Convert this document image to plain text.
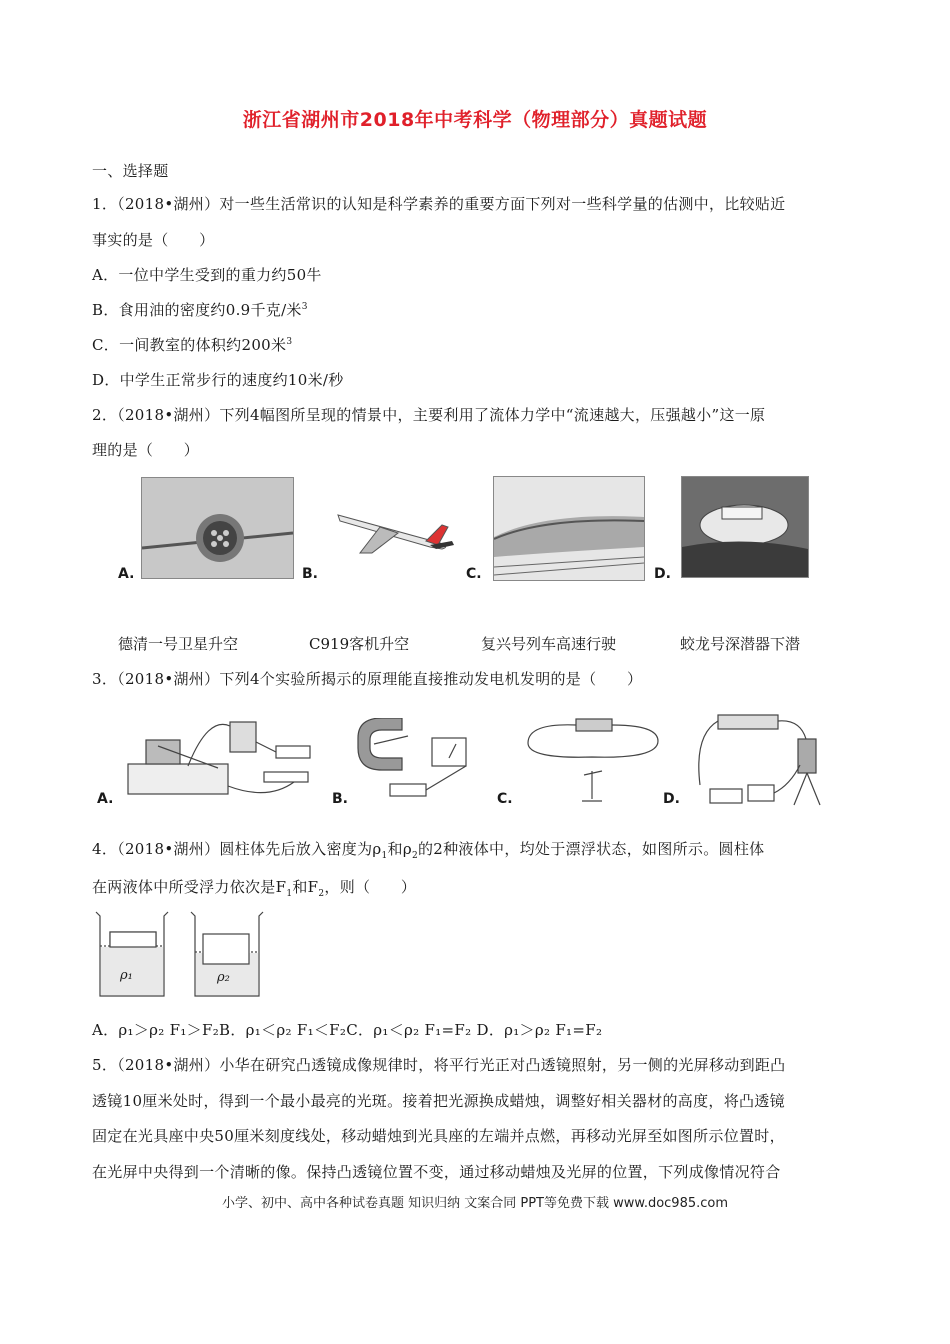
浙江省湖州市2018年中考科学（物理部分）真题试题
一、选择题
1．（2018•湖州）对一些生活常识的认知是科学素养的重要方面下列对一些科学量的估测中，比较贴近
事实的是（　　）
A．一位中学生受到的重力约50牛
B．食用油的密度约0.9千克/米$^3$
C．一间教室的体积约200米$^3$
D．中学生正常步行的速度约10米/秒
2．（2018•湖州）下列4幅图所呈现的情景中，主要利用了流体力学中“流速越大，压强越小”这一原
理的是（　　）
A.	B.	C.	D.
德清一号卫星升空	C919客机升空	复兴号列车高速行驶	蛟龙号深潜器下潜
3．（2018•湖州）下列4个实验所揭示的原理能直接推动发电机发明的是（　　）
A.	B.	C.	D.
4．（2018•湖州）圆柱体先后放入密度为$\rho_1$和$\rho_2$的2种液体中，均处于漂浮状态，如图所示。圆柱体
在两液体中所受浮力依次是$F_1$和$F_2$，则（　　）
ρ₁	ρ₂
A．ρ₁＞ρ₂ F₁＞F₂B．ρ₁＜ρ₂ F₁＜F₂C．ρ₁＜ρ₂ F₁=F₂ D．ρ₁＞ρ₂ F₁=F₂
5．（2018•湖州）小华在研究凸透镜成像规律时，将平行光正对凸透镜照射，另一侧的光屏移动到距凸
透镜10厘米处时，得到一个最小最亮的光斑。接着把光源换成蜡烛，调整好相关器材的高度，将凸透镜
固定在光具座中央50厘米刻度线处，移动蜡烛到光具座的左端并点燃，再移动光屏至如图所示位置时，
在光屏中央得到一个清晰的像。保持凸透镜位置不变，通过移动蜡烛及光屏的位置，下列成像情况符合
小学、初中、高中各种试卷真题 知识归纳 文案合同 PPT等免费下载 www.doc985.com
